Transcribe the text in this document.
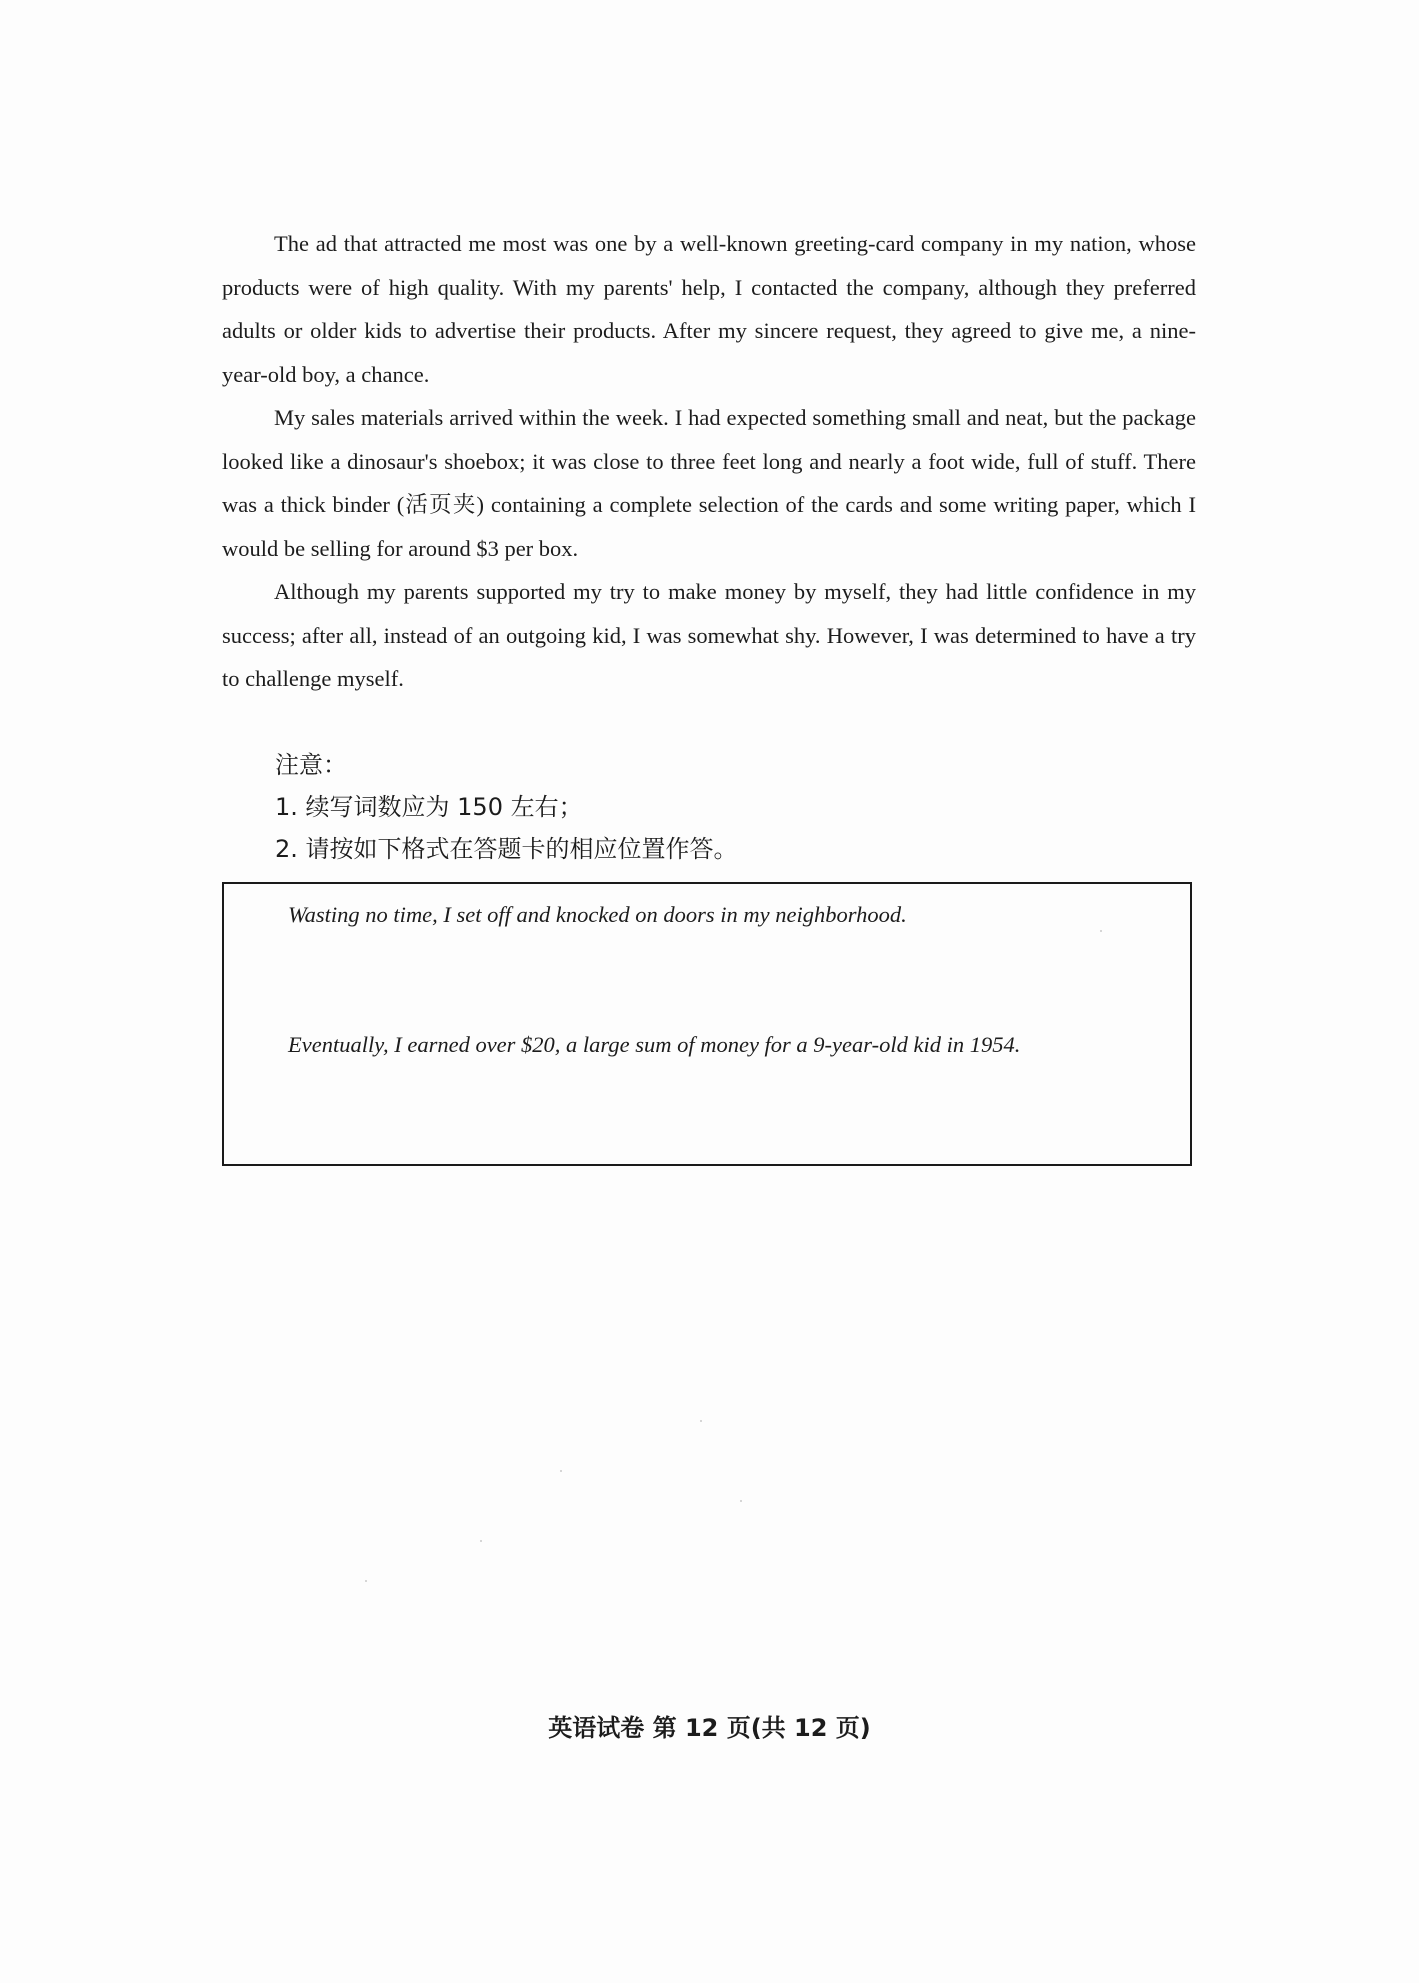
The ad that attracted me most was one by a well-known greeting-card company in my nation, whose products were of high quality. With my parents' help, I contacted the company, although they preferred adults or older kids to advertise their products. After my sincere request, they agreed to give me, a nine-year-old boy, a chance.

My sales materials arrived within the week. I had expected something small and neat, but the package looked like a dinosaur's shoebox; it was close to three feet long and nearly a foot wide, full of stuff. There was a thick binder (活页夹) containing a complete selection of the cards and some writing paper, which I would be selling for around $3 per box.

Although my parents supported my try to make money by myself, they had little confidence in my success; after all, instead of an outgoing kid, I was somewhat shy. However, I was determined to have a try to challenge myself.

注意：
1. 续写词数应为 150 左右；
2. 请按如下格式在答题卡的相应位置作答。
Wasting no time, I set off and knocked on doors in my neighborhood.
Eventually, I earned over $20, a large sum of money for a 9-year-old kid in 1954.
英语试卷 第 12 页(共 12 页)
